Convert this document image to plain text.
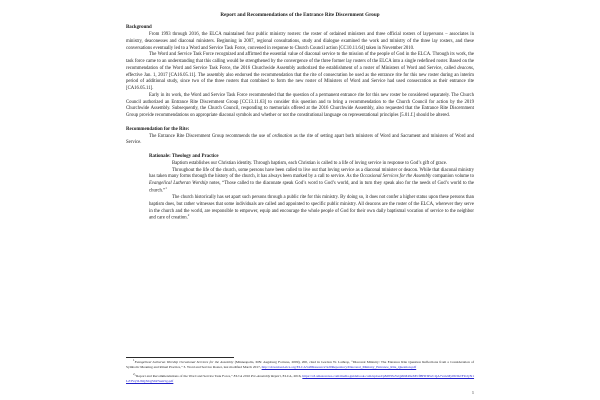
Report and Recommendations of the Entrance Rite Discernment Group
Background

From 1993 through 2016, the ELCA maintained four public ministry rosters: the roster of ordained ministers and three official rosters of laypersons – associates in ministry, deaconesses and diaconal ministers. Beginning in 2007, regional consultations, study and dialogue examined the work and ministry of the three lay rosters, and these conversations eventually led to a Word and Service Task Force, convened in response to Church Council action [CC10.11.64] taken in November 2010.

The Word and Service Task Force recognized and affirmed the essential value of diaconal service to the mission of the people of God in the ELCA. Through its work, the task force came to an understanding that this calling would be strengthened by the convergence of the three former lay rosters of the ELCA into a single redefined roster. Based on the recommendation of the Word and Service Task Force, the 2016 Churchwide Assembly authorized the establishment of a roster of Ministers of Word and Service, called deacons, effective Jan. 1, 2017 [CA16.05.11]. The assembly also endorsed the recommendation that the rite of consecration be used as the entrance rite for this new roster during an interim period of additional study, since two of the three rosters that combined to form the new roster of Ministers of Word and Service had used consecration as their entrance rite [CA16.05.11].

Early in its work, the Word and Service Task Force recommended that the question of a permanent entrance rite for this new roster be considered separately. The Church Council authorized an Entrance Rite Discernment Group [CC13.11.63] to consider this question and to bring a recommendation to the Church Council for action by the 2019 Churchwide Assembly. Subsequently, the Church Council, responding to memorials offered at the 2016 Churchwide Assembly, also requested that the Entrance Rite Discernment Group provide recommendations on appropriate diaconal symbols and whether or not the constitutional language on representational principles [5.01.f.] should be altered.

Recommendation for the Rite:

The Entrance Rite Discernment Group recommends the use of ordination as the rite of setting apart both ministers of Word and Sacrament and ministers of Word and Service.

Rationale: Theology and Practice

Baptism establishes our Christian identity. Through baptism, each Christian is called to a life of loving service in response to God’s gift of grace.

Throughout the life of the church, some persons have been called to live out that loving service as a diaconal minister or deacon. While that diaconal ministry has taken many forms through the history of the church, it has always been marked by a call to service. As the Occasional Services for the Assembly companion volume to Evangelical Lutheran Worship notes, “Those called to the diaconate speak God’s word to God’s world, and in turn they speak also for the needs of God’s world to the church.”$^1$

The church historically has set apart such persons through a public rite for this ministry. By doing so, it does not confer a higher status upon these persons than baptism does, but rather witnesses that some individuals are called and appointed to specific public ministry. All deacons are the roster of the ELCA, wherever they serve in the church and the world, are responsible to empower, equip and encourage the whole people of God for their own daily baptismal vocation of service to the neighbor and care of creation.$^2$

1Evangelical Lutheran Worship Occasional Services for the Assembly (Minneapolis, MN: Augsburg Fortress, 2009), 200, cited in Gordon W. Lathrop, “Diaconal Ministry: The Entrance Rite Question Reflections from a Consideration of Symbolic Meaning and Ritual Practice,” 3. Word and Service Roster, last modified March 2017, http://download.elca.org/ELCA%20Resource%20Repository/Diaconal_Ministry_Entrance_Rite_Question.pdf

2“Report and Recommendations of the Word and Service Task Force,” ELCA 2016 Pre-Assembly Report, ELCA, 2016, https://s3.amazonaws.com/media.guidebook.com/upload/p8d835s5vQ2hM49eXEvfBHJ3PwCQA7vsGMyJPrD2/FU2yN1LZ3Vq5L8iQXJqjS6Z5szn5g.pdf

1
